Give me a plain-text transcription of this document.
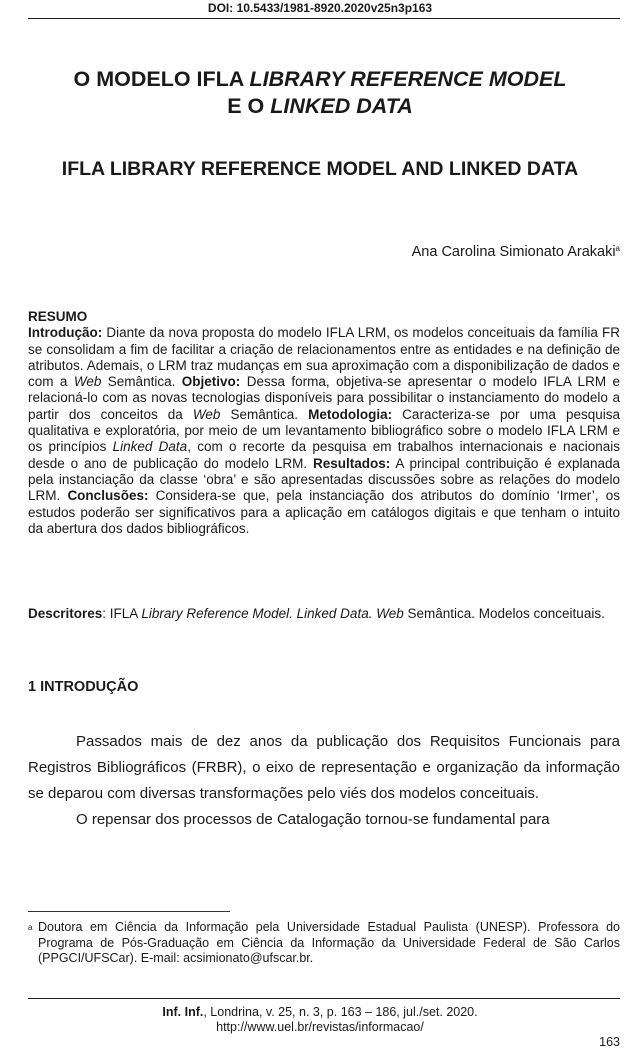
DOI: 10.5433/1981-8920.2020v25n3p163
O MODELO IFLA LIBRARY REFERENCE MODEL
E O LINKED DATA
IFLA LIBRARY REFERENCE MODEL AND LINKED DATA
Ana Carolina Simionato Arakaki$^a$

RESUMO

Introdução: Diante da nova proposta do modelo IFLA LRM, os modelos conceituais da família FR se consolidam a fim de facilitar a criação de relacionamentos entre as entidades e na definição de atributos. Ademais, o LRM traz mudanças em sua aproximação com a disponibilização de dados e com a Web Semântica. Objetivo: Dessa forma, objetiva-se apresentar o modelo IFLA LRM e relacioná-lo com as novas tecnologias disponíveis para possibilitar o instanciamento do modelo a partir dos conceitos da Web Semântica. Metodologia: Caracteriza-se por uma pesquisa qualitativa e exploratória, por meio de um levantamento bibliográfico sobre o modelo IFLA LRM e os princípios Linked Data, com o recorte da pesquisa em trabalhos internacionais e nacionais desde o ano de publicação do modelo LRM. Resultados: A principal contribuição é explanada pela instanciação da classe ‘obra’ e são apresentadas discussões sobre as relações do modelo LRM. Conclusões: Considera-se que, pela instanciação dos atributos do domínio ‘Irmer’, os estudos poderão ser significativos para a aplicação em catálogos digitais e que tenham o intuito da abertura dos dados bibliográficos.

Descritores: IFLA Library Reference Model. Linked Data. Web Semântica. Modelos conceituais.

1 INTRODUÇÃO

Passados mais de dez anos da publicação dos Requisitos Funcionais para Registros Bibliográficos (FRBR), o eixo de representação e organização da informação se deparou com diversas transformações pelo viés dos modelos conceituais.

O repensar dos processos de Catalogação tornou-se fundamental para

a Doutora em Ciência da Informação pela Universidade Estadual Paulista (UNESP). Professora do Programa de Pós-Graduação em Ciência da Informação da Universidade Federal de São Carlos (PPGCI/UFSCar). E-mail: acsimionato@ufscar.br.
Inf. Inf., Londrina, v. 25, n. 3, p. 163 – 186, jul./set. 2020.
http://www.uel.br/revistas/informacao/
163
